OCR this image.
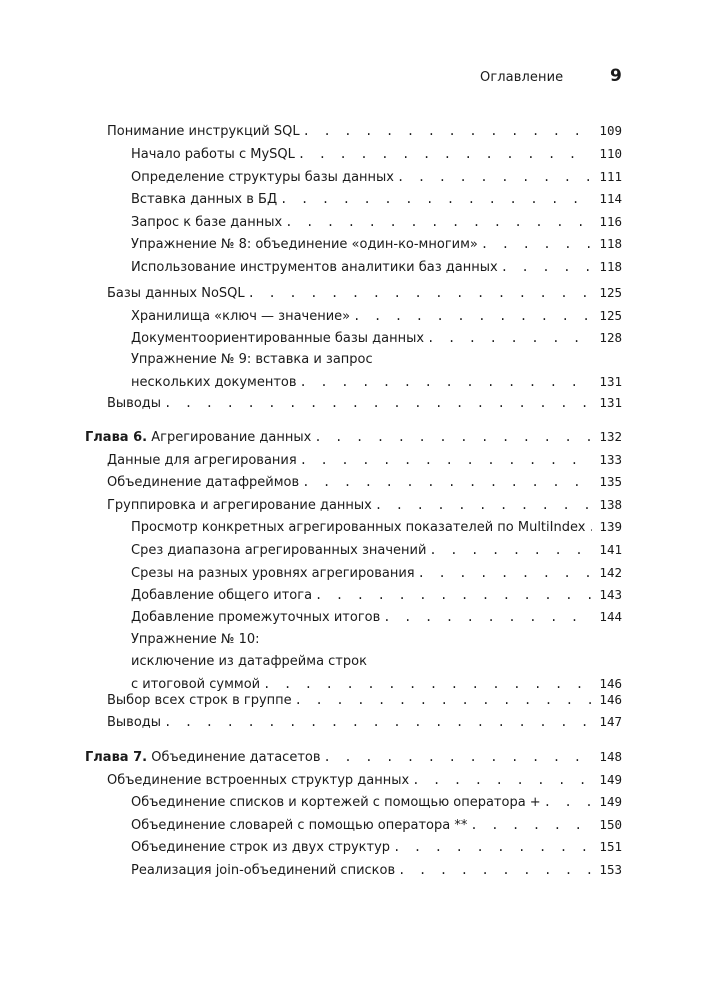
Оглавление	9
Понимание инструкций SQL . . .	109
Начало работы с MySQL . . .	110
Определение структуры базы данных . . .	111
Вставка данных в БД . . .	114
Запрос к базе данных . . .	116
Упражнение № 8: объединение «один-ко-многим» . . .	118
Использование инструментов аналитики баз данных . . .	118
Базы данных NoSQL . . .	125
Хранилища «ключ — значение» . . .	125
Документоориентированные базы данных . . .	128
Упражнение № 9: вставка и запрос
нескольких документов . . .	131
Выводы . . .	131
Глава 6. Агрегирование данных . . .	132
Данные для агрегирования . . .	133
Объединение датафреймов . . .	135
Группировка и агрегирование данных . . .	138
Просмотр конкретных агрегированных показателей по MultiIndex . . .	139
Срез диапазона агрегированных значений . . .	141
Срезы на разных уровнях агрегирования . . .	142
Добавление общего итога . . .	143
Добавление промежуточных итогов . . .	144
Упражнение № 10:
исключение из датафрейма строк
с итоговой суммой . . .	146
Выбор всех строк в группе . . .	146
Выводы . . .	147
Глава 7. Объединение датасетов . . .	148
Объединение встроенных структур данных . . .	149
Объединение списков и кортежей с помощью оператора + . . .	149
Объединение словарей с помощью оператора ** . . .	150
Объединение строк из двух структур . . .	151
Реализация join-объединений списков . . .	153
